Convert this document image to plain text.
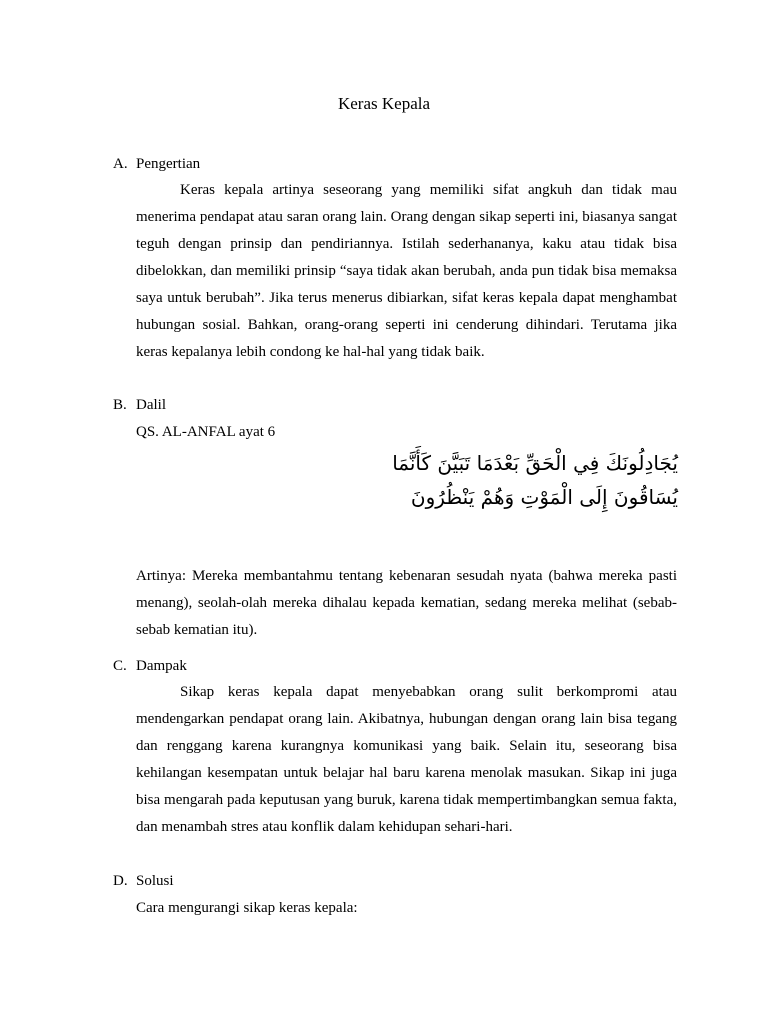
Keras Kepala
A. Pengertian
Keras kepala artinya seseorang yang memiliki sifat angkuh dan tidak mau menerima pendapat atau saran orang lain. Orang dengan sikap seperti ini, biasanya sangat teguh dengan prinsip dan pendiriannya. Istilah sederhananya, kaku atau tidak bisa dibelokkan, dan memiliki prinsip “saya tidak akan berubah, anda pun tidak bisa memaksa saya untuk berubah”. Jika terus menerus dibiarkan, sifat keras kepala dapat menghambat hubungan sosial. Bahkan, orang-orang seperti ini cenderung dihindari. Terutama jika keras kepalanya lebih condong ke hal-hal yang tidak baik.
B. Dalil
QS. AL-ANFAL ayat 6
يُجَادِلُونَكَ فِي الْحَقِّ بَعْدَمَا تَبَيَّنَ كَأَنَّمَا يُسَاقُونَ إِلَى الْمَوْتِ وَهُمْ يَنْظُرُونَ
Artinya: Mereka membantahmu tentang kebenaran sesudah nyata (bahwa mereka pasti menang), seolah-olah mereka dihalau kepada kematian, sedang mereka melihat (sebab-sebab kematian itu).
C. Dampak
Sikap keras kepala dapat menyebabkan orang sulit berkompromi atau mendengarkan pendapat orang lain. Akibatnya, hubungan dengan orang lain bisa tegang dan renggang karena kurangnya komunikasi yang baik. Selain itu, seseorang bisa kehilangan kesempatan untuk belajar hal baru karena menolak masukan. Sikap ini juga bisa mengarah pada keputusan yang buruk, karena tidak mempertimbangkan semua fakta, dan menambah stres atau konflik dalam kehidupan sehari-hari.
D. Solusi
Cara mengurangi sikap keras kepala:
